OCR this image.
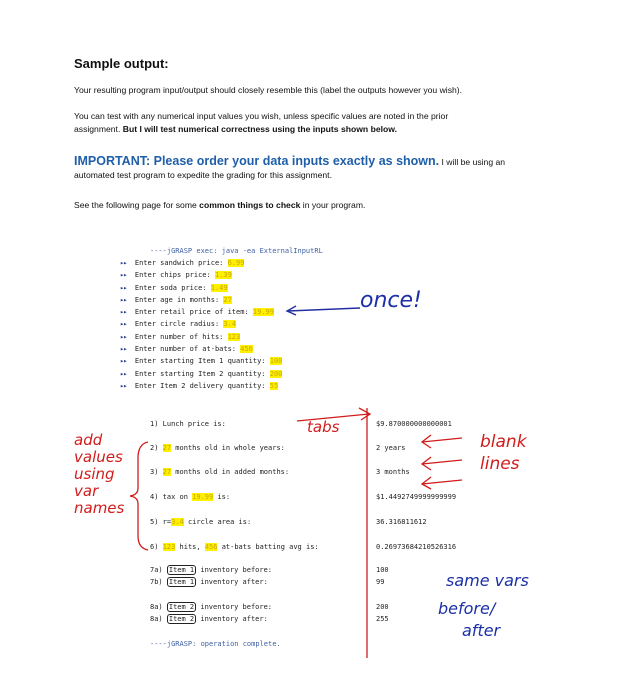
Sample output:
Your resulting program input/output should closely resemble this (label the outputs however you wish).
You can test with any numerical input values you wish, unless specific values are noted in the prior
assignment. But I will test numerical correctness using the inputs shown below.
IMPORTANT: Please order your data inputs exactly as shown. I will be using an
automated test program to expedite the grading for this assignment.
See the following page for some common things to check in your program.
----jGRASP exec: java -ea ExternalInputRL
▸▸ Enter sandwich price: 6.99
▸▸ Enter chips price: 1.39
▸▸ Enter soda price: 1.49
▸▸ Enter age in months: 27
▸▸ Enter retail price of item: 19.99
▸▸ Enter circle radius: 3.4
▸▸ Enter number of hits: 123
▸▸ Enter number of at-bats: 456
▸▸ Enter starting Item 1 quantity: 100
▸▸ Enter starting Item 2 quantity: 200
▸▸ Enter Item 2 delivery quantity: 55
once!
tabs
1) Lunch price is:	$9.870000000000001
2) 27 months old in whole years:	2 years
3) 27 months old in added months:	3 months
4) tax on 19.99 is:	$1.4492749999999999
5) r=3.4 circle area is:	36.316811612
6) 123 hits, 456 at-bats batting avg is:	0.26973684210526316
7a) Item 1 inventory before:	100
7b) Item 1 inventory after:	99
8a) Item 2 inventory before:	200
8a) Item 2 inventory after:	255
----jGRASP: operation complete.
add
values
using
var
names
blank
lines
same vars
before/
after
